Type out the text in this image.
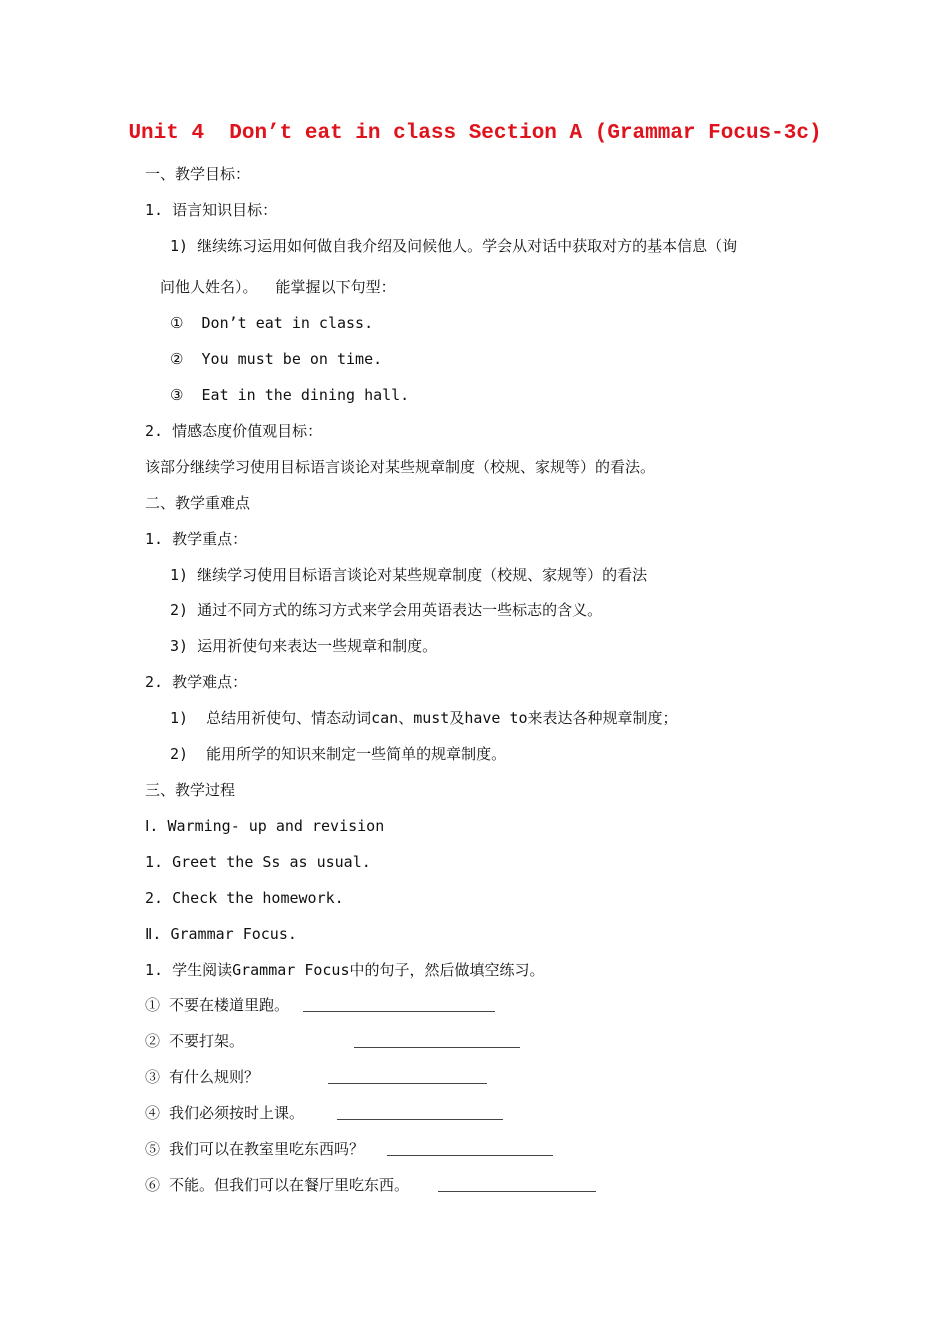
Unit 4  Don’t eat in class Section A (Grammar Focus-3c)
一、教学目标：
1. 语言知识目标：
1) 继续练习运用如何做自我介绍及问候他人。学会从对话中获取对方的基本信息（询
问他人姓名）。  能掌握以下句型：
①  Don’t eat in class.
②  You must be on time.
③  Eat in the dining hall.
2. 情感态度价值观目标：
该部分继续学习使用目标语言谈论对某些规章制度（校规、家规等）的看法。
二、教学重难点
1. 教学重点：
1) 继续学习使用目标语言谈论对某些规章制度（校规、家规等）的看法
2) 通过不同方式的练习方式来学会用英语表达一些标志的含义。
3) 运用祈使句来表达一些规章和制度。
2. 教学难点：
1)  总结用祈使句、情态动词can、must及have to来表达各种规章制度；
2)  能用所学的知识来制定一些简单的规章制度。
三、教学过程
Ⅰ. Warming- up and revision
1. Greet the Ss as usual.
2. Check the homework.
Ⅱ. Grammar Focus.
1. 学生阅读Grammar Focus中的句子，然后做填空练习。
① 不要在楼道里跑。
② 不要打架。
③ 有什么规则？
④ 我们必须按时上课。
⑤ 我们可以在教室里吃东西吗？
⑥ 不能。但我们可以在餐厅里吃东西。
